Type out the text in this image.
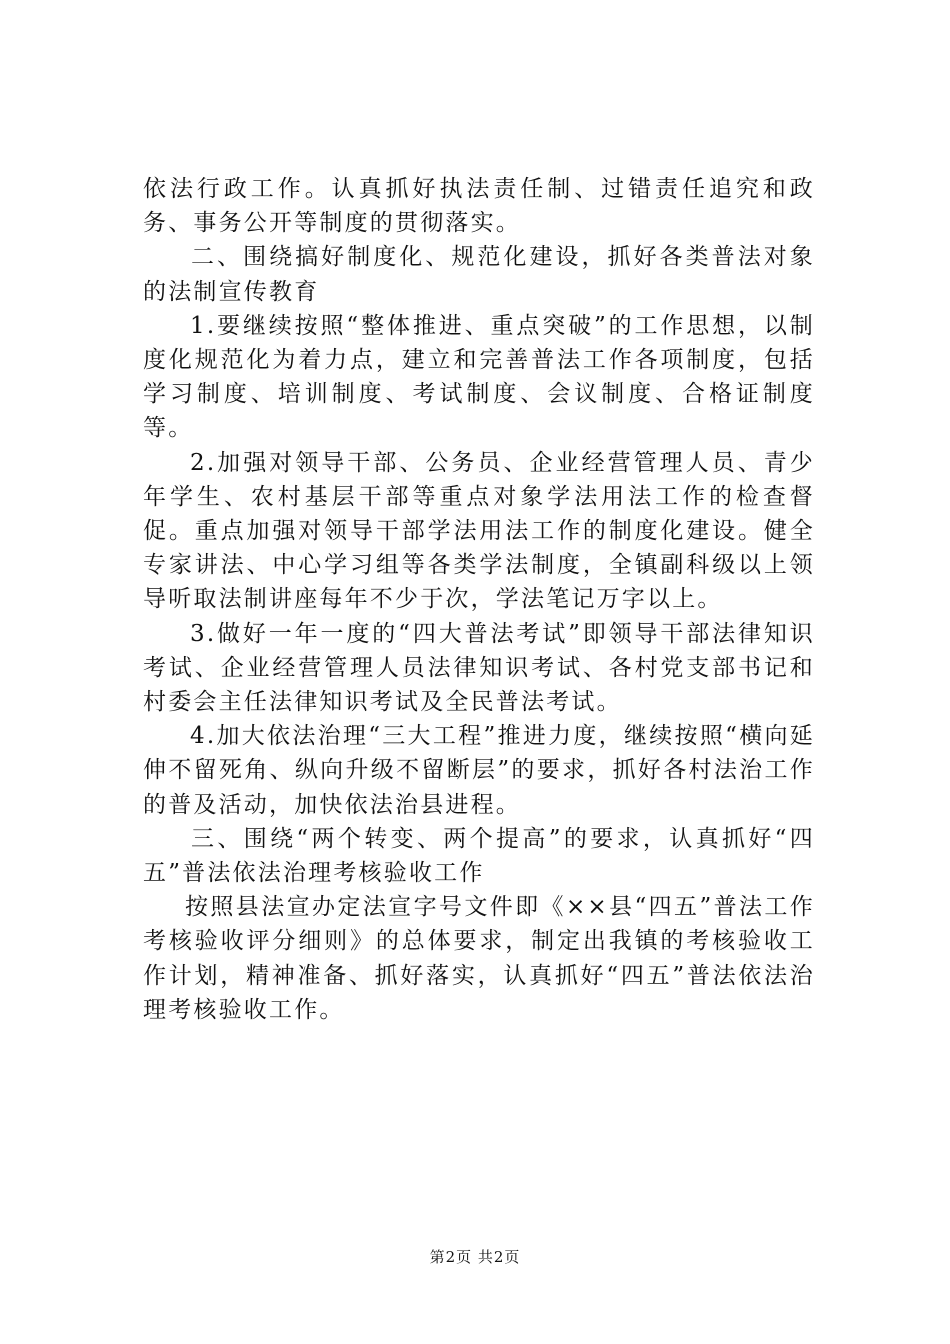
依法行政工作。认真抓好执法责任制、过错责任追究和政务、事务公开等制度的贯彻落实。

二、围绕搞好制度化、规范化建设，抓好各类普法对象的法制宣传教育

1.要继续按照“整体推进、重点突破”的工作思想，以制度化规范化为着力点，建立和完善普法工作各项制度，包括学习制度、培训制度、考试制度、会议制度、合格证制度等。

2.加强对领导干部、公务员、企业经营管理人员、青少年学生、农村基层干部等重点对象学法用法工作的检查督促。重点加强对领导干部学法用法工作的制度化建设。健全专家讲法、中心学习组等各类学法制度，全镇副科级以上领导听取法制讲座每年不少于次，学法笔记万字以上。

3.做好一年一度的“四大普法考试”即领导干部法律知识考试、企业经营管理人员法律知识考试、各村党支部书记和村委会主任法律知识考试及全民普法考试。

4.加大依法治理“三大工程”推进力度，继续按照“横向延伸不留死角、纵向升级不留断层”的要求，抓好各村法治工作的普及活动，加快依法治县进程。

三、围绕“两个转变、两个提高”的要求，认真抓好“四五”普法依法治理考核验收工作

按照县法宣办定法宣字号文件即《××县“四五”普法工作考核验收评分细则》的总体要求，制定出我镇的考核验收工作计划，精神准备、抓好落实，认真抓好“四五”普法依法治理考核验收工作。

第2页 共2页
